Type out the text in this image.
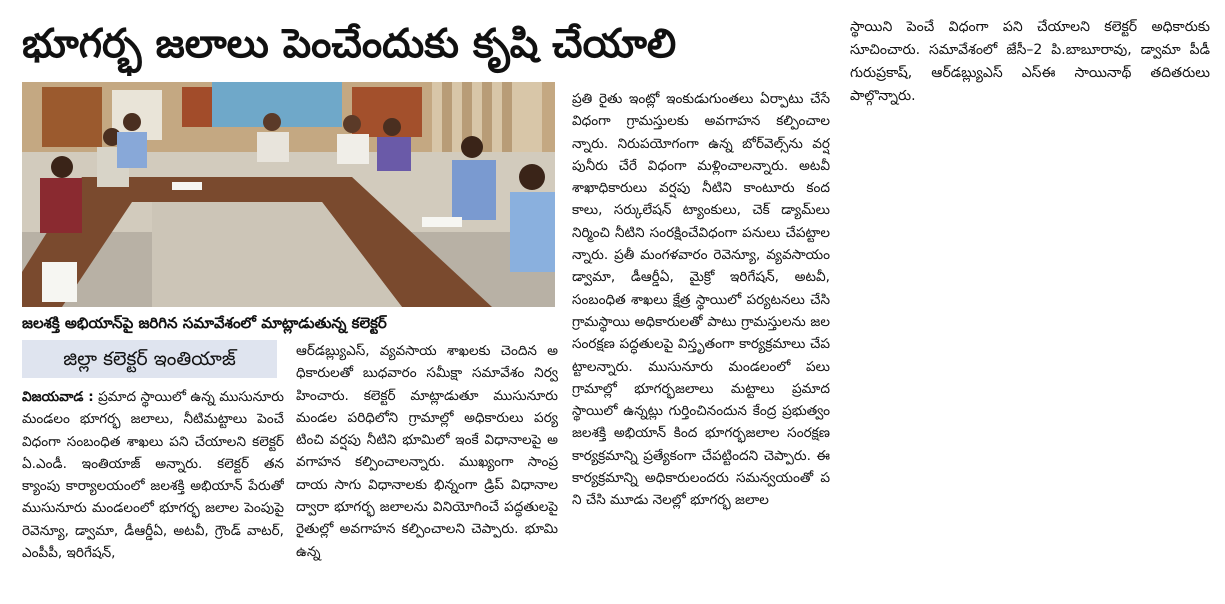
భూగర్భ జలాలు పెంచేందుకు కృషి చేయాలి
జలశక్తి అభియాన్‌పై జరిగిన సమావేశంలో మాట్లాడుతున్న కలెక్టర్
జిల్లా కలెక్టర్ ఇంతియాజ్
విజయవాడ : ప్రమాద స్థాయిలో ఉన్న ముసునూరు మండలం భూగర్భ జలాలు, నీటిమట్టాలు పెంచే విధంగా సంబంధిత శాఖలు పని చేయాలని కలెక్టర్ ఏ.ఎండీ. ఇంతియాజ్ అన్నారు. కలెక్టర్ తన క్యాంపు కార్యాలయంలో జలశక్తి అభియాన్ పేరుతో ముసునూరు మండలంలో భూగర్భ జలాల పెంపుపై రెవెన్యూ, డ్వామా, డీఆర్డీఏ, అటవీ, గ్రౌండ్ వాటర్, ఎంపీపీ, ఇరిగేషన్,
ఆర్‌డబ్ల్యుఎస్, వ్యవసాయ శాఖలకు చెందిన అధికారులతో బుధవారం సమీక్షా సమావేశం నిర్వహించారు. కలెక్టర్ మాట్లాడుతూ ముసునూరు మండల పరిధిలోని గ్రామాల్లో అధికారులు పర్యటించి వర్షపు నీటిని భూమిలో ఇంకే విధానాలపై అవగాహన కల్పించాలన్నారు. ముఖ్యంగా సాంప్రదాయ సాగు విధానాలకు భిన్నంగా డ్రిప్ విధానాల ద్వారా భూగర్భ జలాలను వినియోగించే పద్ధతులపై రైతుల్లో అవగాహన కల్పించాలని చెప్పారు. భూమి ఉన్న
ప్రతి రైతు ఇంట్లో ఇంకుడుగుంతలు ఏర్పాటు చేసే విధంగా గ్రామస్తులకు అవగాహన కల్పించాలన్నారు. నిరుపయోగంగా ఉన్న బోర్‌వెల్స్‌ను వర్షపునీరు చేరే విధంగా మళ్లించాలన్నారు. అటవీ శాఖాధికారులు వర్షపు నీటిని కాంటూరు కందకాలు, సర్కులేషన్ ట్యాంకులు, చెక్ డ్యామ్‌లు నిర్మించి నీటిని సంరక్షించేవిధంగా పనులు చేపట్టాలన్నారు. ప్రతీ మంగళవారం రెవెన్యూ, వ్యవసాయం డ్వామా, డీఆర్డీఏ, మైక్రో ఇరిగేషన్, అటవీ, సంబంధిత శాఖలు క్షేత్ర స్థాయిలో పర్యటనలు చేసి గ్రామస్థాయి అధికారులతో పాటు గ్రామస్తులను జలసంరక్షణ పద్ధతులపై విస్తృతంగా కార్యక్రమాలు చేపట్టాలన్నారు. ముసునూరు మండలంలో పలు గ్రామాల్లో భూగర్భజలాలు మట్టాలు ప్రమాద స్థాయిలో ఉన్నట్లు గుర్తించినందున కేంద్ర ప్రభుత్వం జలశక్తి అభియాన్ కింద భూగర్భజలాల సంరక్షణ కార్యక్రమాన్ని ప్రత్యేకంగా చేపట్టిందని చెప్పారు. ఈ కార్యక్రమాన్ని అధికారులందరు సమన్వయంతో పని చేసి మూడు నెలల్లో భూగర్భ జలాల
స్థాయిని పెంచే విధంగా పని చేయాలని కలెక్టర్ అధికారుకు సూచించారు. సమావేశంలో జేసీ–2 పి.బాబూరావు, డ్వామా పీడీ గురుప్రకాష్, ఆర్‌డబ్ల్యుఎస్ ఎస్ఈ సాయినాథ్ తదితరులు పాల్గొన్నారు.
